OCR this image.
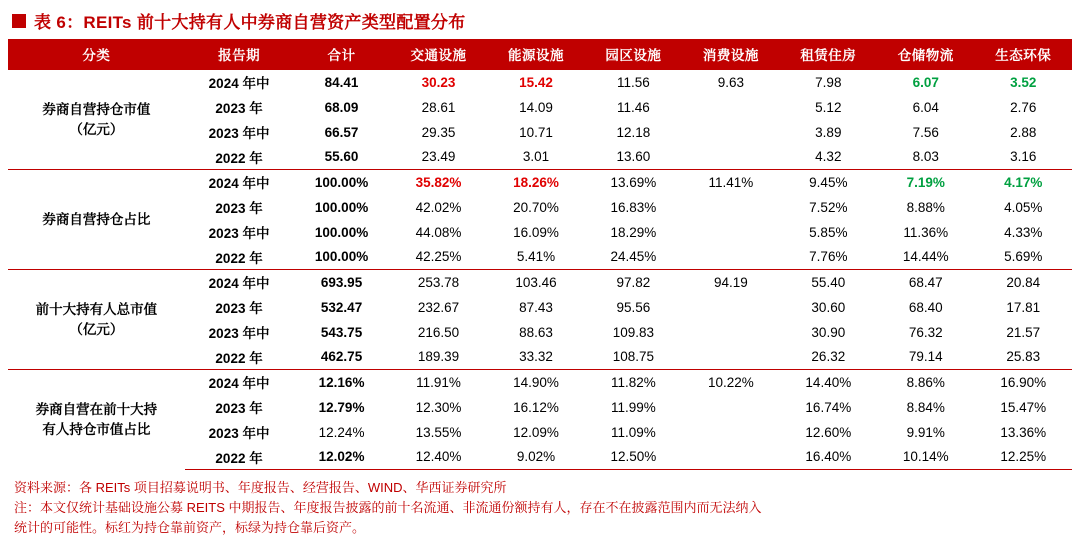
表 6：REITs 前十大持有人中券商自营资产类型配置分布
分类	报告期	合计	交通设施	能源设施	园区设施	消费设施	租赁住房	仓储物流	生态环保
券商自营持仓市值
（亿元）	2024 年中	84.41	30.23	15.42	11.56	9.63	7.98	6.07	3.52
	2023 年	68.09	28.61	14.09	11.46		5.12	6.04	2.76
	2023 年中	66.57	29.35	10.71	12.18		3.89	7.56	2.88
	2022 年	55.60	23.49	3.01	13.60		4.32	8.03	3.16
券商自营持仓占比	2024 年中	100.00%	35.82%	18.26%	13.69%	11.41%	9.45%	7.19%	4.17%
	2023 年	100.00%	42.02%	20.70%	16.83%		7.52%	8.88%	4.05%
	2023 年中	100.00%	44.08%	16.09%	18.29%		5.85%	11.36%	4.33%
	2022 年	100.00%	42.25%	5.41%	24.45%		7.76%	14.44%	5.69%
前十大持有人总市值
（亿元）	2024 年中	693.95	253.78	103.46	97.82	94.19	55.40	68.47	20.84
	2023 年	532.47	232.67	87.43	95.56		30.60	68.40	17.81
	2023 年中	543.75	216.50	88.63	109.83		30.90	76.32	21.57
	2022 年	462.75	189.39	33.32	108.75		26.32	79.14	25.83
券商自营在前十大持
有人持仓市值占比	2024 年中	12.16%	11.91%	14.90%	11.82%	10.22%	14.40%	8.86%	16.90%
	2023 年	12.79%	12.30%	16.12%	11.99%		16.74%	8.84%	15.47%
	2023 年中	12.24%	13.55%	12.09%	11.09%		12.60%	9.91%	13.36%
	2022 年	12.02%	12.40%	9.02%	12.50%		16.40%	10.14%	12.25%
资料来源：各 REITs 项目招募说明书、年度报告、经营报告、WIND、华西证券研究所
注：本文仅统计基础设施公募 REITS 中期报告、年度报告披露的前十名流通、非流通份额持有人，存在不在披露范围内而无法纳入
统计的可能性。标红为持仓靠前资产，标绿为持仓靠后资产。
